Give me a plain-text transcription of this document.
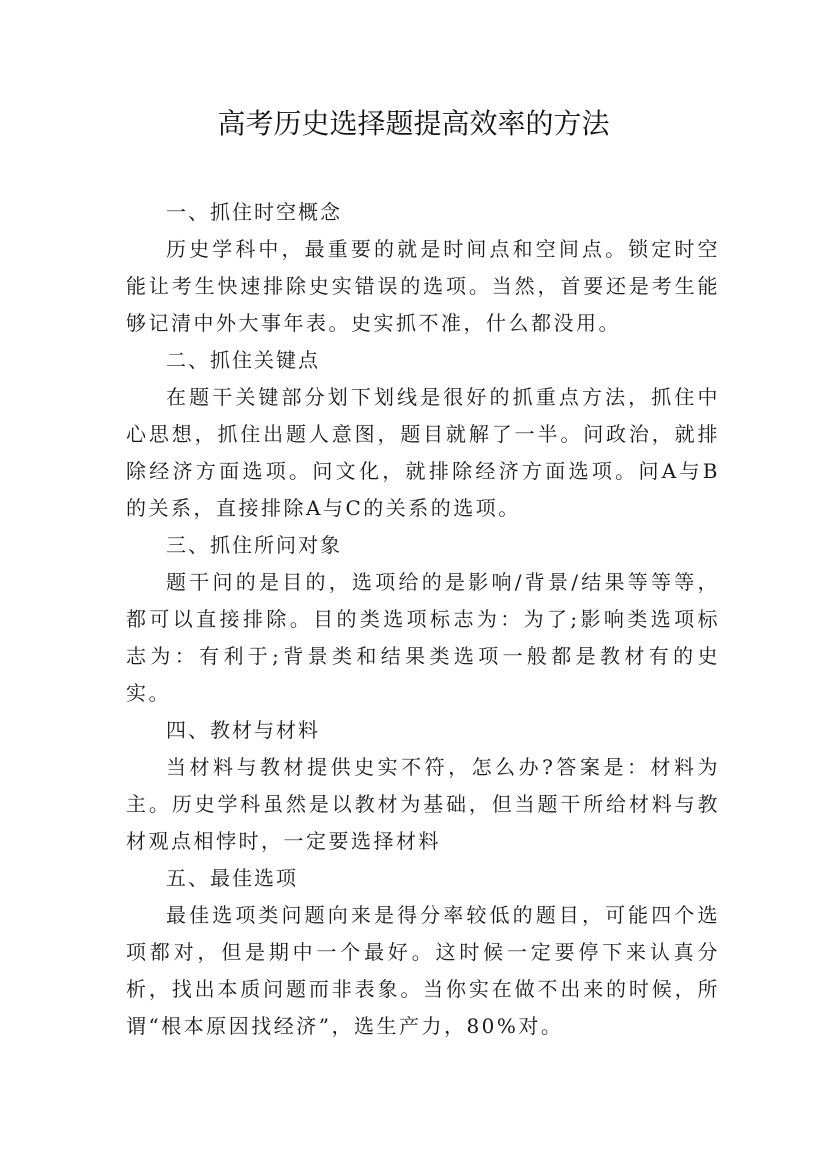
高考历史选择题提高效率的方法

一、抓住时空概念

历史学科中，最重要的就是时间点和空间点。锁定时空能让考生快速排除史实错误的选项。当然，首要还是考生能够记清中外大事年表。史实抓不准，什么都没用。

二、抓住关键点

在题干关键部分划下划线是很好的抓重点方法，抓住中心思想，抓住出题人意图，题目就解了一半。问政治，就排除经济方面选项。问文化，就排除经济方面选项。问A与B的关系，直接排除A与C的关系的选项。

三、抓住所问对象

题干问的是目的，选项给的是影响/背景/结果等等等，都可以直接排除。目的类选项标志为：为了;影响类选项标志为：有利于;背景类和结果类选项一般都是教材有的史实。

四、教材与材料

当材料与教材提供史实不符，怎么办?答案是：材料为主。历史学科虽然是以教材为基础，但当题干所给材料与教材观点相悖时，一定要选择材料

五、最佳选项

最佳选项类问题向来是得分率较低的题目，可能四个选项都对，但是期中一个最好。这时候一定要停下来认真分析，找出本质问题而非表象。当你实在做不出来的时候，所谓“根本原因找经济”，选生产力，80%对。
